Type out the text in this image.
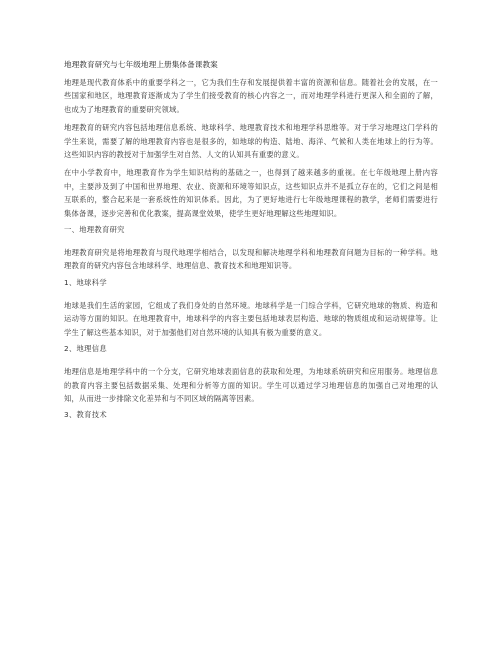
地理教育研究与七年级地理上册集体备课教案

地理是现代教育体系中的重要学科之一，它为我们生存和发展提供着丰富的资源和信息。随着社会的发展，在一些国家和地区，地理教育逐渐成为了学生们接受教育的核心内容之一，而对地理学科进行更深入和全面的了解，也成为了地理教育的重要研究领域。

地理教育的研究内容包括地理信息系统、地球科学、地理教育技术和地理学科思维等。对于学习地理这门学科的学生来说，需要了解的地理教育内容也是很多的，如地球的构造、陆地、海洋、气候和人类在地球上的行为等。这些知识内容的教授对于加强学生对自然、人文的认知具有重要的意义。

在中小学教育中，地理教育作为学生知识结构的基础之一，也得到了越来越多的重视。在七年级地理上册内容中，主要涉及到了中国和世界地理、农业、资源和环境等知识点，这些知识点并不是孤立存在的，它们之间是相互联系的，整合起来是一套系统性的知识体系。因此，为了更好地进行七年级地理课程的教学，老师们需要进行集体备课，逐步完善和优化教案，提高课堂效果，使学生更好地理解这些地理知识。

一、地理教育研究

地理教育研究是将地理教育与现代地理学相结合，以发现和解决地理学科和地理教育问题为目标的一种学科。地理教育的研究内容包含地球科学、地理信息、教育技术和地理知识等。

1、地球科学

地球是我们生活的家园，它组成了我们身处的自然环境。地球科学是一门综合学科，它研究地球的物质、构造和运动等方面的知识。在地理教育中，地球科学的内容主要包括地球表层构造、地球的物质组成和运动规律等。让学生了解这些基本知识，对于加强他们对自然环境的认知具有极为重要的意义。

2、地理信息

地理信息是地理学科中的一个分支，它研究地球表面信息的获取和处理，为地球系统研究和应用服务。地理信息的教育内容主要包括数据采集、处理和分析等方面的知识。学生可以通过学习地理信息的加强自己对地理的认知，从而进一步排除文化差异和与不同区域的隔离等因素。

3、教育技术
